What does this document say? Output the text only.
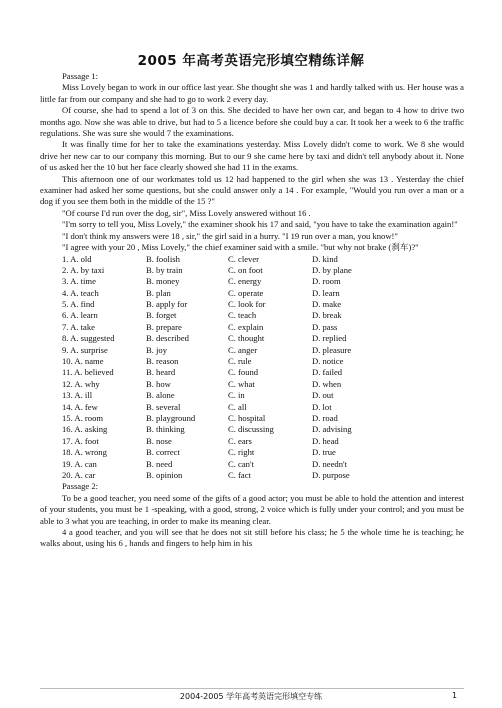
2005 年高考英语完形填空精练详解
Passage 1:

Miss Lovely began to work in our office last year. She thought she was 1 and hardly talked with us. Her house was a little far from our company and she had to go to work 2 every day.

Of course, she had to spend a lot of 3 on this. She decided to have her own car, and began to 4 how to drive two months ago. Now she was able to drive, but had to 5 a licence before she could buy a car. It took her a week to 6 the traffic regulations. She was sure she would 7 the examinations.

It was finally time for her to take the examinations yesterday. Miss Lovely didn't come to work. We 8 she would drive her new car to our company this morning. But to our 9 she came here by taxi and didn't tell anybody about it. None of us asked her the 10 but her face clearly showed she had 11 in the exams.

This afternoon one of our workmates told us 12 had happened to the girl when she was 13 . Yesterday the chief examiner had asked her some questions, but she could answer only a 14 . For example, "Would you run over a man or a dog if you see them both in the middle of the 15 ?"

"Of course I'd run over the dog, sir", Miss Lovely answered without 16 .

"I'm sorry to tell you, Miss Lovely," the examiner shook his 17 and said, "you have to take the examination again!"

"I don't think my answers were 18 , sir," the girl said in a hurry. "I 19 run over a man, you know!"

"I agree with your 20 , Miss Lovely," the chief examiner said with a smile. "but why not brake (刹车)?"

1. A. old	B. foolish	C. clever	D. kind
2. A. by taxi	B. by train	C. on foot	D. by plane
3. A. time	B. money	C. energy	D. room
4. A. teach	B. plan	C. operate	D. learn
5. A. find	B. apply for	C. look for	D. make
6. A. learn	B. forget	C. teach	D. break
7. A. take	B. prepare	C. explain	D. pass
8. A. suggested	B. described	C. thought	D. replied
9. A. surprise	B. joy	C. anger	D. pleasure
10. A. name	B. reason	C. rule	D. notice
11. A. believed	B. heard	C. found	D. failed
12. A. why	B. how	C. what	D. when
13. A. ill	B. alone	C. in	D. out
14. A. few	B. several	C. all	D. lot
15. A. room	B. playground	C. hospital	D. road
16. A. asking	B. thinking	C. discussing	D. advising
17. A. foot	B. nose	C. ears	D. head
18. A. wrong	B. correct	C. right	D. true
19. A. can	B. need	C. can't	D. needn't
20. A. car	B. opinion	C. fact	D. purpose
Passage 2:

To be a good teacher, you need some of the gifts of a good actor; you must be able to hold the attention and interest of your students, you must be 1 -speaking, with a good, strong, 2 voice which is fully under your control; and you must be able to 3 what you are teaching, in order to make its meaning clear.

4 a good teacher, and you will see that he does not sit still before his class; he 5 the whole time he is teaching; he walks about, using his 6 , hands and fingers to help him in his

2004-2005 学年高考英语完形填空专练	1
